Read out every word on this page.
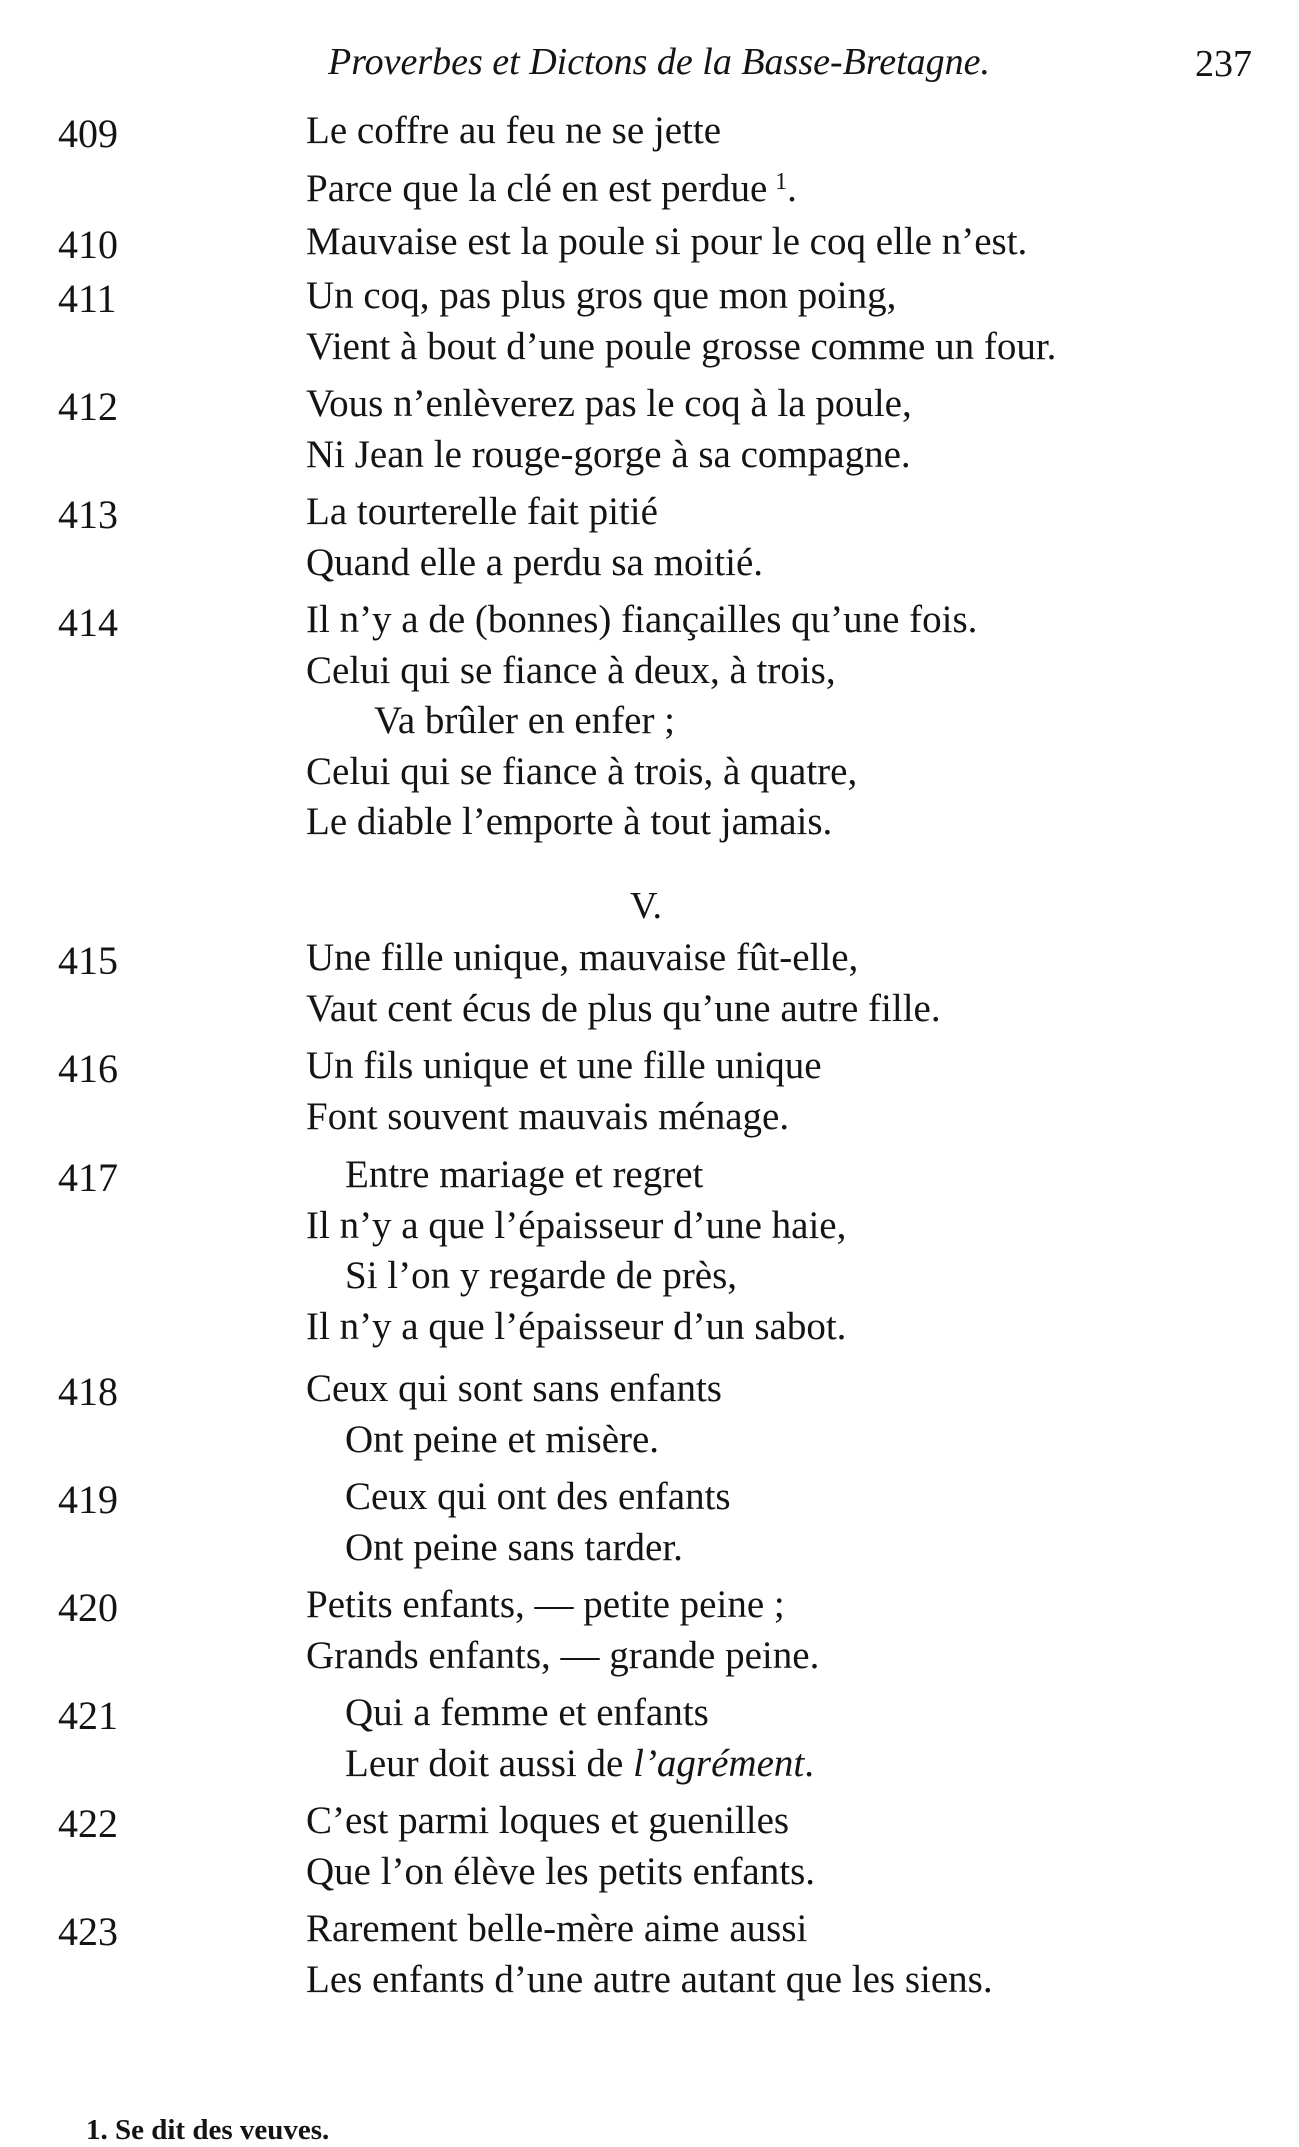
Proverbes et Dictons de la Basse-Bretagne.	237
409	Le coffre au feu ne se jette
Parce que la clé en est perdue  $^1$.
410	Mauvaise est la poule si pour le coq elle n’est.
411	Un coq, pas plus gros que mon poing,
Vient à bout d’une poule grosse comme un four.
412	Vous n’enlèverez pas le coq à la poule,
Ni Jean le rouge-gorge à sa compagne.
413	La tourterelle fait pitié
Quand elle a perdu sa moitié.
414	Il n’y a de (bonnes) fiançailles qu’une fois.
Celui qui se fiance à deux, à trois,
Va brûler en enfer ;
Celui qui se fiance à trois, à quatre,
Le diable l’emporte à tout jamais.
V.
415	Une fille unique, mauvaise fût-elle,
Vaut cent écus de plus qu’une autre fille.
416	Un fils unique et une fille unique
Font souvent mauvais ménage.
417	Entre mariage et regret
Il n’y a que l’épaisseur d’une haie,
Si l’on y regarde de près,
Il n’y a que l’épaisseur d’un sabot.
418	Ceux qui sont sans enfants
Ont peine et misère.
419	Ceux qui ont des enfants
Ont peine sans tarder.
420	Petits enfants, — petite peine ;
Grands enfants, — grande peine.
421	Qui a femme et enfants
Leur doit aussi de l’agrément.
422	C’est parmi loques et guenilles
Que l’on élève les petits enfants.
423	Rarement belle-mère aime aussi
Les enfants d’une autre autant que les siens.
1. Se dit des veuves.
